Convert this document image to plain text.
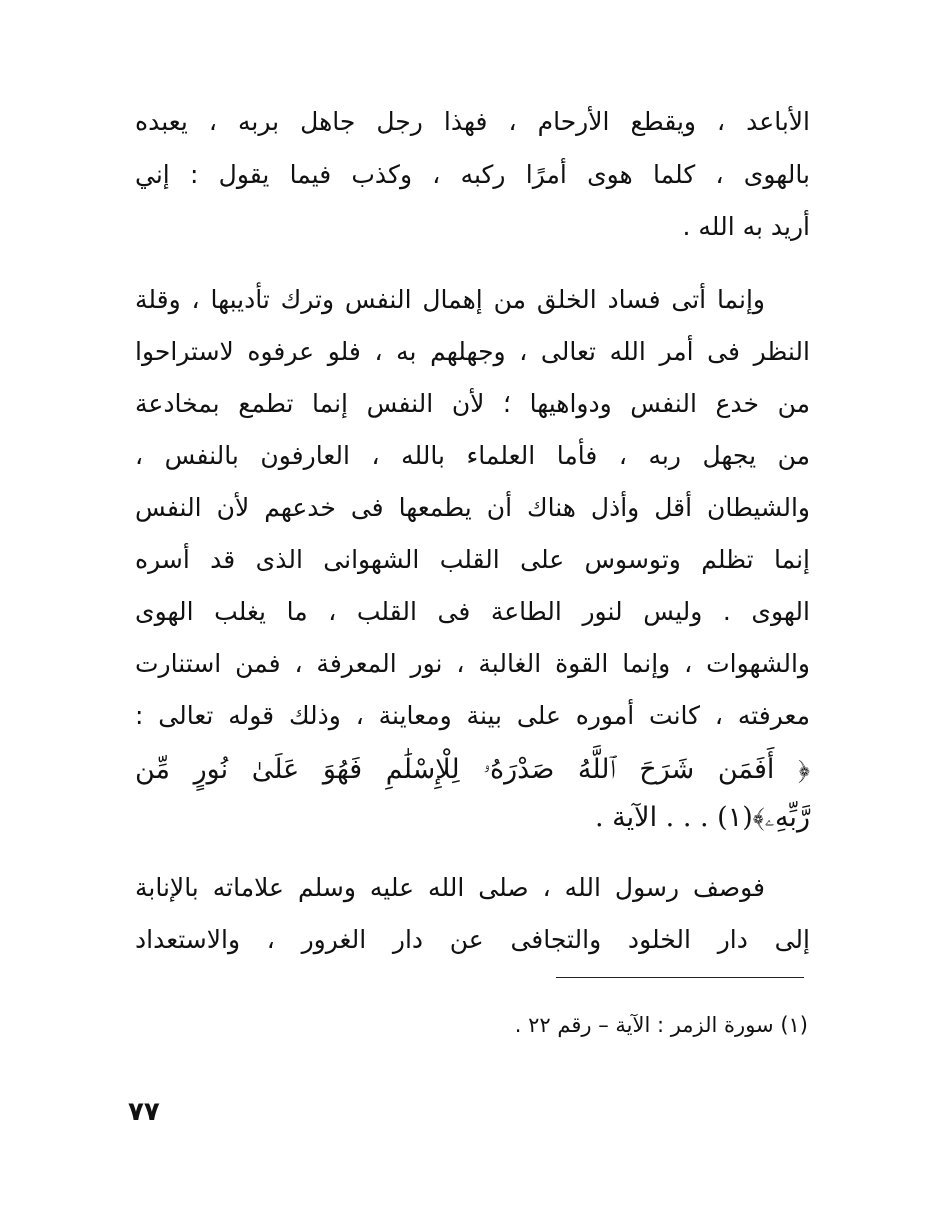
الأباعد ، ويقطع الأرحام ، فهذا رجل جاهل بربه ، يعبده
بالهوى ، كلما هوى أمرًا ركبه ، وكذب فيما يقول : إني
أريد به الله .
وإنما أتى فساد الخلق من إهمال النفس وترك تأديبها ، وقلة
النظر فى أمر الله تعالى ، وجهلهم به ، فلو عرفوه لاستراحوا
من خدع النفس ودواهيها ؛ لأن النفس إنما تطمع بمخادعة
من يجهل ربه ، فأما العلماء بالله ، العارفون بالنفس ،
والشيطان أقل وأذل هناك أن يطمعها فى خدعهم لأن النفس
إنما تظلم وتوسوس على القلب الشهوانى الذى قد أسره
الهوى . وليس لنور الطاعة فى القلب ، ما يغلب الهوى
والشهوات ، وإنما القوة الغالبة ، نور المعرفة ، فمن استنارت
معرفته ، كانت أموره على بينة ومعاينة ، وذلك قوله تعالى :
﴿ أَفَمَن شَرَحَ ٱللَّهُ صَدْرَهُۥ لِلْإِسْلَٰمِ فَهُوَ عَلَىٰ نُورٍ مِّن
رَّبِّهِۦ﴾(١) . . . الآية .
فوصف رسول الله ، صلى الله عليه وسلم علاماته بالإنابة
إلى دار الخلود والتجافى عن دار الغرور ، والاستعداد
(١) سورة الزمر : الآية – رقم ٢٢ .
٧٧
